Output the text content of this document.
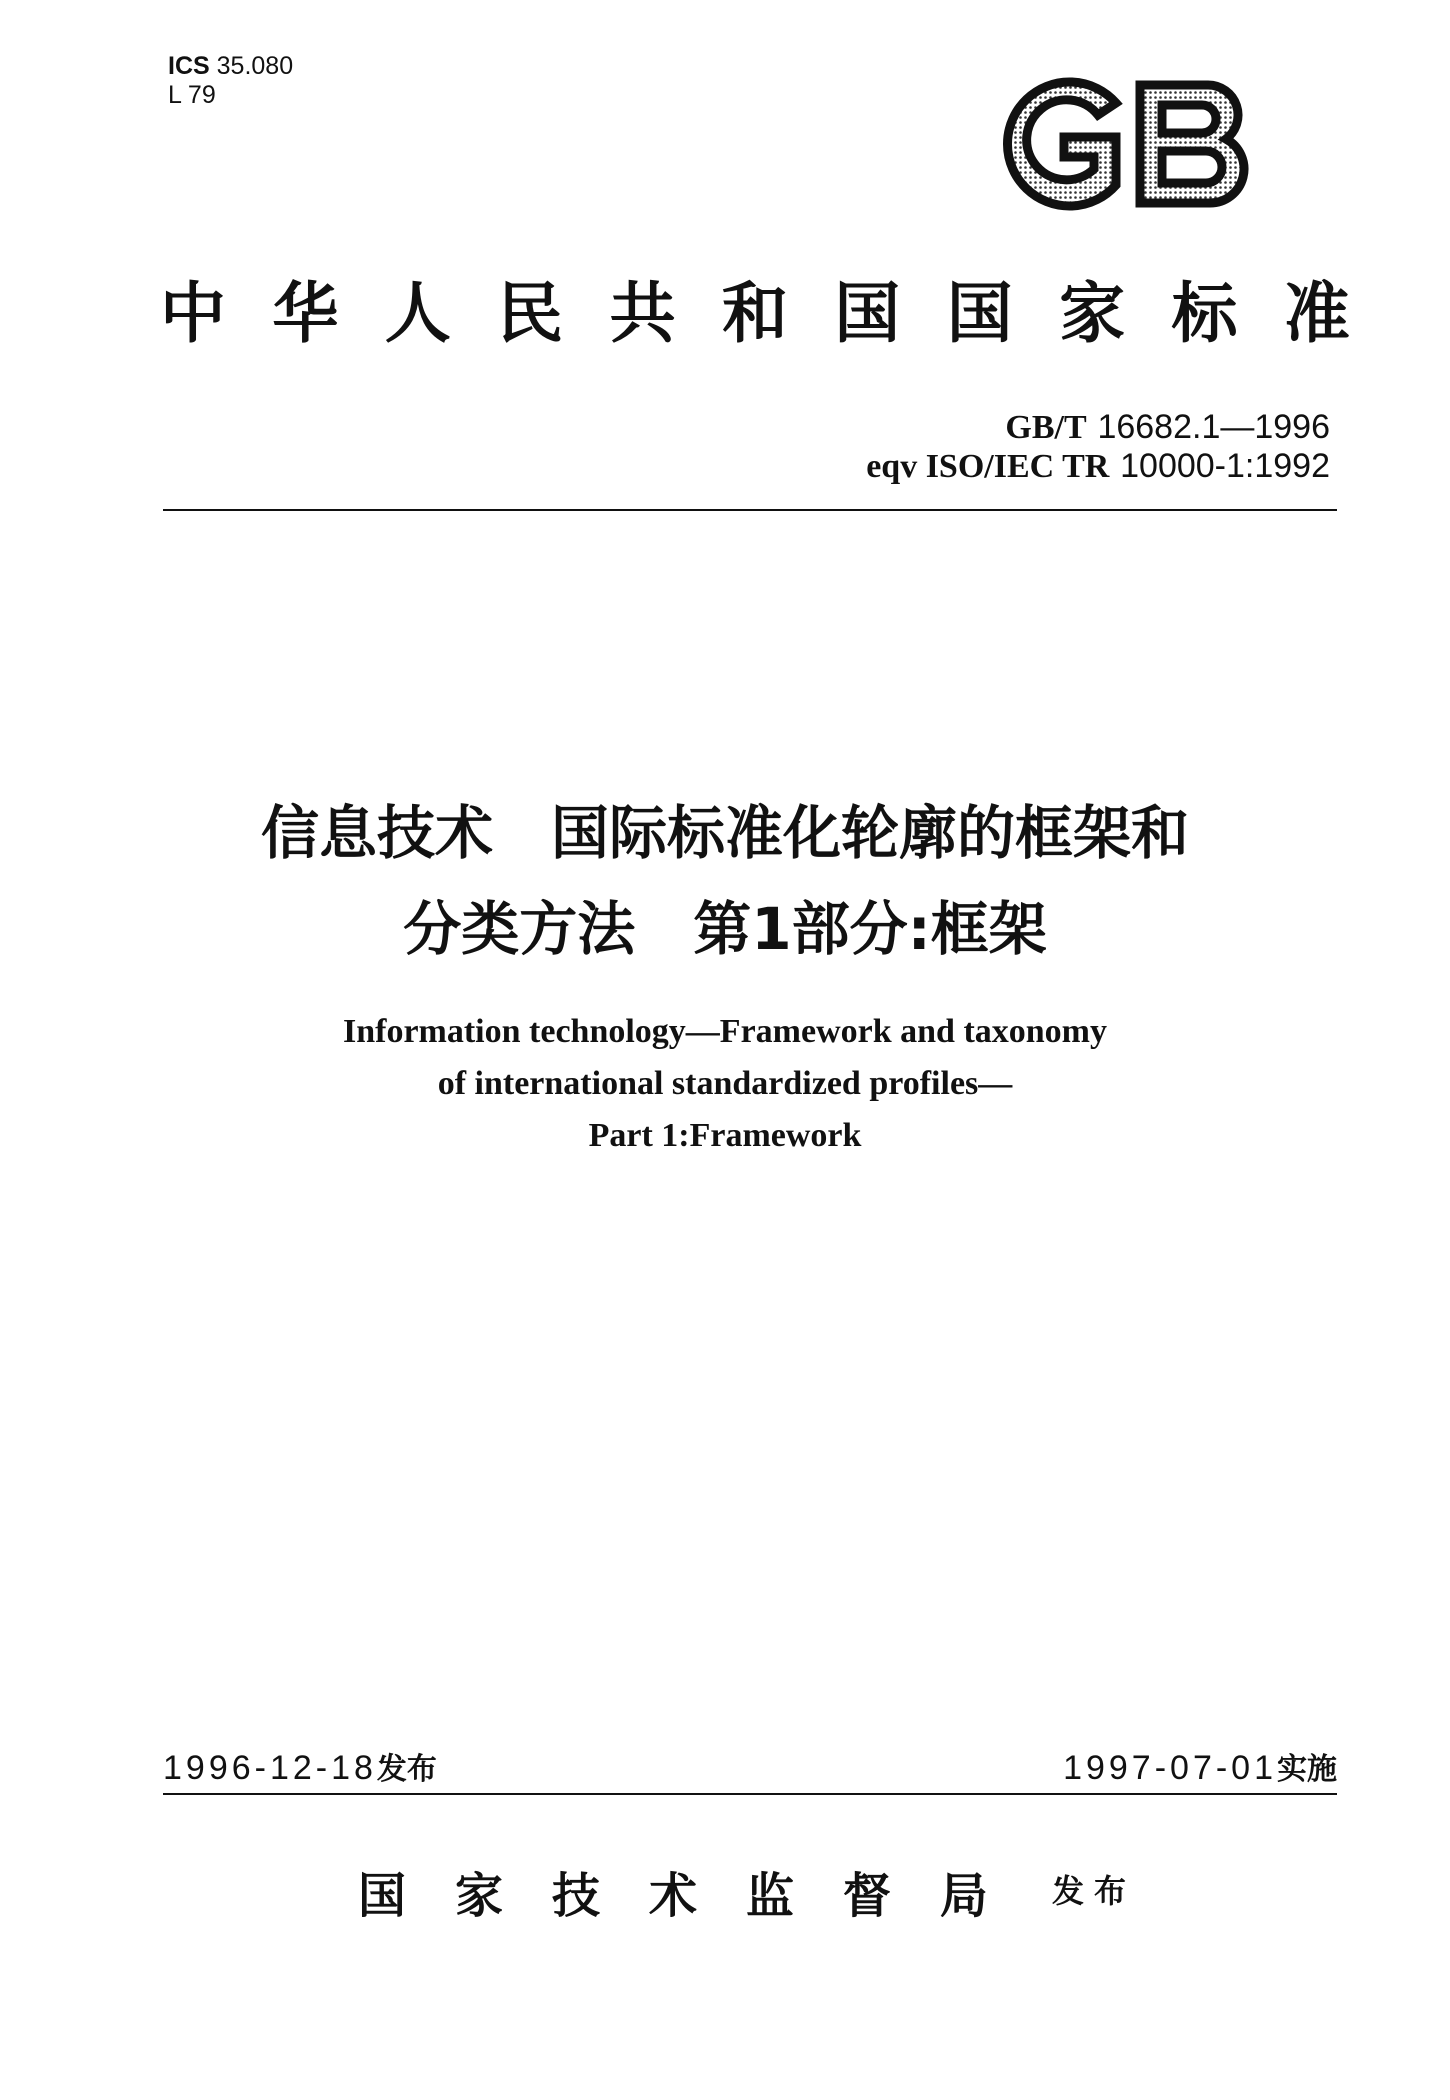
ICS 35.080
L 79
中 华 人 民 共 和 国 国 家 标 准
GB/T 16682.1—1996
eqv ISO/IEC TR 10000-1:1992
信息技术　国际标准化轮廓的框架和
分类方法　第1部分:框架
Information technology—Framework and taxonomy
of international standardized profiles—
Part 1:Framework
1996-12-18发布	1997-07-01实施
国 家 技 术 监 督 局 发布
